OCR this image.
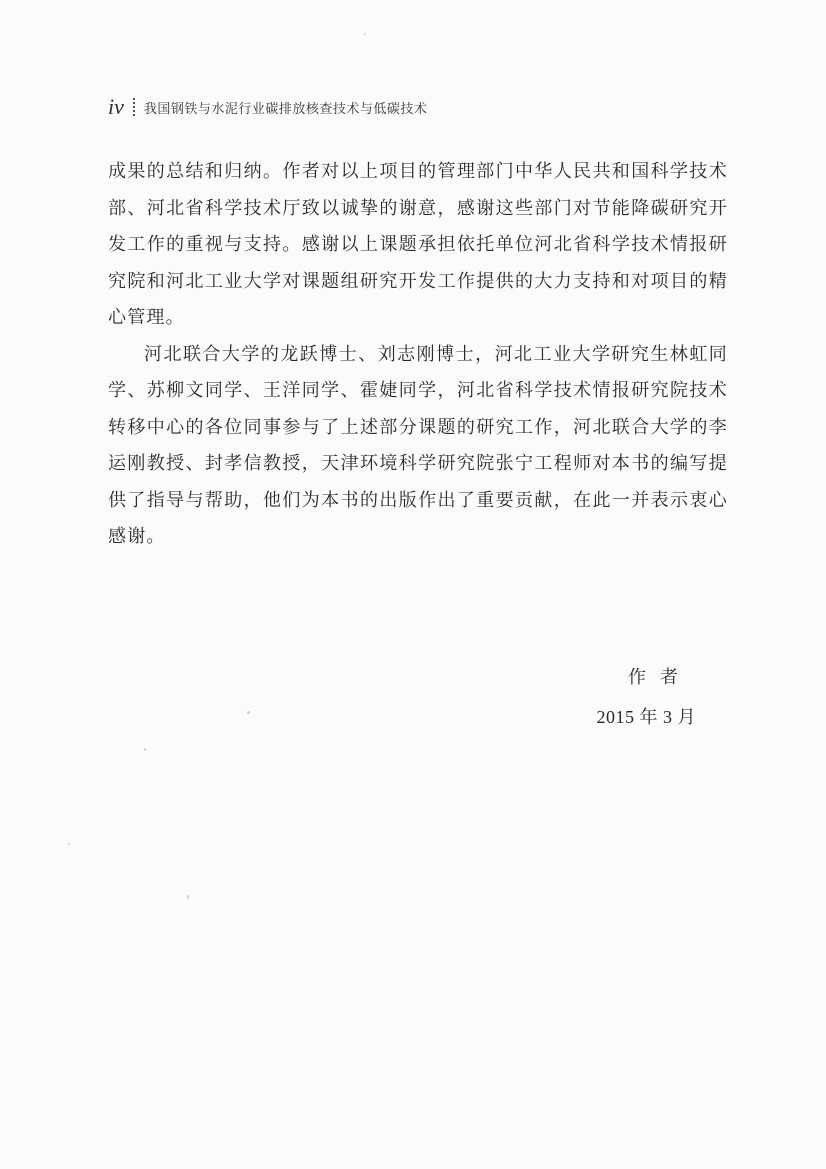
iv 我国钢铁与水泥行业碳排放核查技术与低碳技术

成果的总结和归纳。作者对以上项目的管理部门中华人民共和国科学技术部、河北省科学技术厅致以诚挚的谢意，感谢这些部门对节能降碳研究开发工作的重视与支持。感谢以上课题承担依托单位河北省科学技术情报研究院和河北工业大学对课题组研究开发工作提供的大力支持和对项目的精心管理。

河北联合大学的龙跃博士、刘志刚博士，河北工业大学研究生林虹同学、苏柳文同学、王洋同学、霍婕同学，河北省科学技术情报研究院技术转移中心的各位同事参与了上述部分课题的研究工作，河北联合大学的李运刚教授、封孝信教授，天津环境科学研究院张宁工程师对本书的编写提供了指导与帮助，他们为本书的出版作出了重要贡献，在此一并表示衷心感谢。

作者
2015 年 3 月
